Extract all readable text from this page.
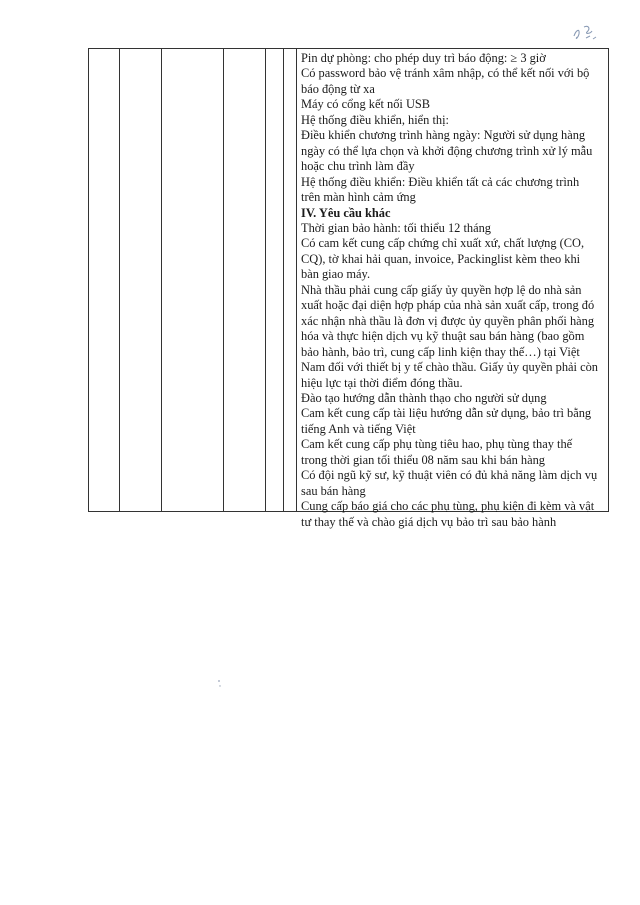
Pin dự phòng: cho phép duy trì báo động: ≥ 3 giờ
Có password bảo vệ tránh xâm nhập, có thể kết nối với bộ
báo động từ xa
Máy có cổng kết nối USB
Hệ thống điều khiển, hiển thị:
Điều khiển chương trình hàng ngày: Người sử dụng hàng
ngày có thể lựa chọn và khởi động chương trình xử lý mẫu
hoặc chu trình làm đầy
Hệ thống điều khiển: Điều khiển tất cả các chương trình
trên màn hình cảm ứng
IV. Yêu cầu khác
Thời gian bảo hành: tối thiểu 12 tháng
Có cam kết cung cấp chứng chỉ xuất xứ, chất lượng (CO,
CQ), tờ khai hải quan, invoice, Packinglist kèm theo khi
bàn giao máy.
Nhà thầu phải cung cấp giấy ủy quyền hợp lệ do nhà sản
xuất hoặc đại diện hợp pháp của nhà sản xuất cấp, trong đó
xác nhận nhà thầu là đơn vị được ủy quyền phân phối hàng
hóa và thực hiện dịch vụ kỹ thuật sau bán hàng (bao gồm
bảo hành, bảo trì, cung cấp linh kiện thay thế…) tại Việt
Nam đối với thiết bị y tế chào thầu. Giấy ủy quyền phải còn
hiệu lực tại thời điểm đóng thầu.
Đào tạo hướng dẫn thành thạo cho người sử dụng
Cam kết cung cấp tài liệu hướng dẫn sử dụng, bảo trì bằng
tiếng Anh và tiếng Việt
Cam kết cung cấp phụ tùng tiêu hao, phụ tùng thay thế
trong thời gian tối thiểu 08 năm sau khi bán hàng
Có đội ngũ kỹ sư, kỹ thuật viên có đủ khả năng làm dịch vụ
sau bán hàng
Cung cấp báo giá cho các phụ tùng, phụ kiện đi kèm và vật
tư thay thế và chào giá dịch vụ bảo trì sau bảo hành
